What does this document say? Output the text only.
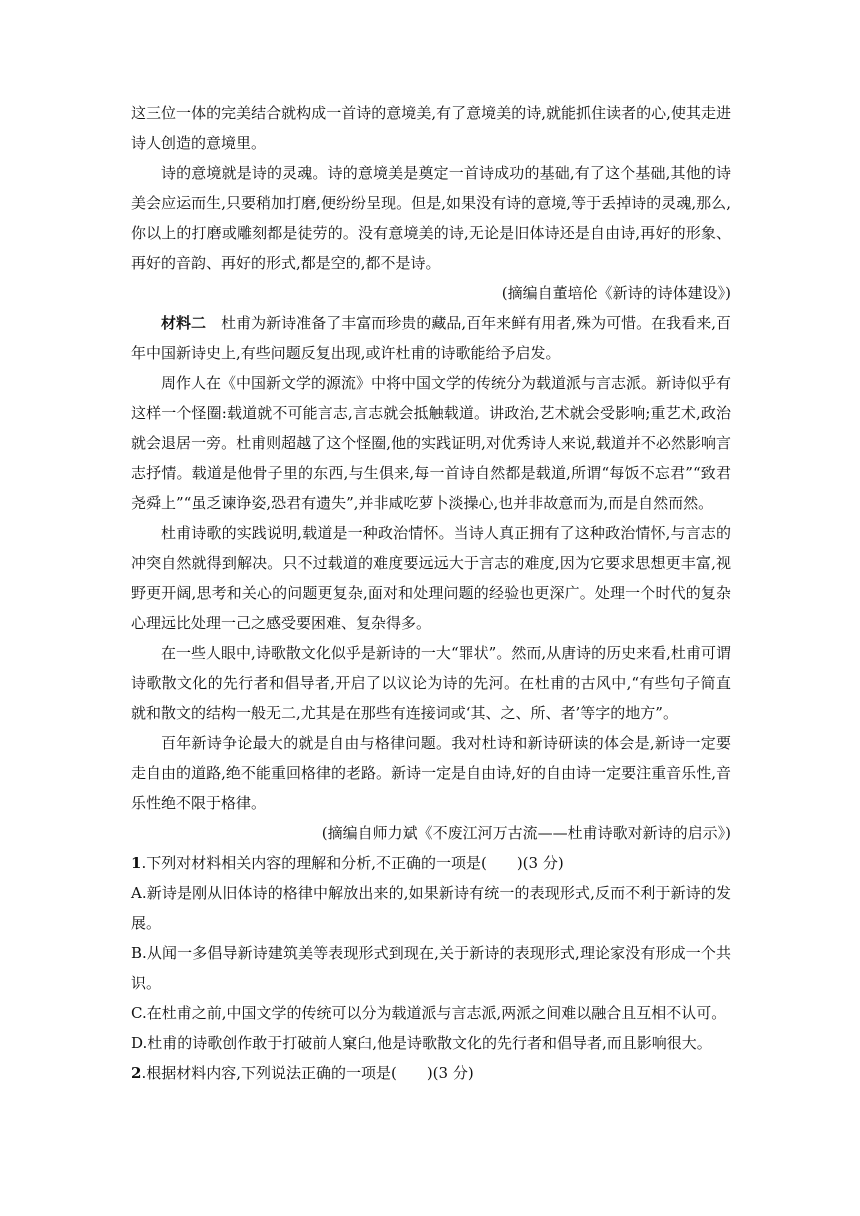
这三位一体的完美结合就构成一首诗的意境美,有了意境美的诗,就能抓住读者的心,使其走进诗人创造的意境里。

诗的意境就是诗的灵魂。诗的意境美是奠定一首诗成功的基础,有了这个基础,其他的诗美会应运而生,只要稍加打磨,便纷纷呈现。但是,如果没有诗的意境,等于丢掉诗的灵魂,那么,你以上的打磨或雕刻都是徒劳的。没有意境美的诗,无论是旧体诗还是自由诗,再好的形象、再好的音韵、再好的形式,都是空的,都不是诗。

(摘编自董培伦《新诗的诗体建设》)

材料二　 杜甫为新诗准备了丰富而珍贵的藏品,百年来鲜有用者,殊为可惜。在我看来,百年中国新诗史上,有些问题反复出现,或许杜甫的诗歌能给予启发。

周作人在《中国新文学的源流》中将中国文学的传统分为载道派与言志派。新诗似乎有这样一个怪圈:载道就不可能言志,言志就会抵触载道。讲政治,艺术就会受影响;重艺术,政治就会退居一旁。杜甫则超越了这个怪圈,他的实践证明,对优秀诗人来说,载道并不必然影响言志抒情。载道是他骨子里的东西,与生俱来,每一首诗自然都是载道,所谓“每饭不忘君”“致君尧舜上”“虽乏谏诤姿,恐君有遗失”,并非咸吃萝卜淡操心,也并非故意而为,而是自然而然。

杜甫诗歌的实践说明,载道是一种政治情怀。当诗人真正拥有了这种政治情怀,与言志的冲突自然就得到解决。只不过载道的难度要远远大于言志的难度,因为它要求思想更丰富,视野更开阔,思考和关心的问题更复杂,面对和处理问题的经验也更深广。处理一个时代的复杂心理远比处理一己之感受要困难、复杂得多。

在一些人眼中,诗歌散文化似乎是新诗的一大“罪状”。然而,从唐诗的历史来看,杜甫可谓诗歌散文化的先行者和倡导者,开启了以议论为诗的先河。在杜甫的古风中,“有些句子简直就和散文的结构一般无二,尤其是在那些有连接词或‘其、之、所、者’等字的地方”。

百年新诗争论最大的就是自由与格律问题。我对杜诗和新诗研读的体会是,新诗一定要走自由的道路,绝不能重回格律的老路。新诗一定是自由诗,好的自由诗一定要注重音乐性,音乐性绝不限于格律。

(摘编自师力斌《不废江河万古流——杜甫诗歌对新诗的启示》)

1.下列对材料相关内容的理解和分析,不正确的一项是(　　)(3 分)

A.新诗是刚从旧体诗的格律中解放出来的,如果新诗有统一的表现形式,反而不利于新诗的发展。

B.从闻一多倡导新诗建筑美等表现形式到现在,关于新诗的表现形式,理论家没有形成一个共识。

C.在杜甫之前,中国文学的传统可以分为载道派与言志派,两派之间难以融合且互相不认可。

D.杜甫的诗歌创作敢于打破前人窠臼,他是诗歌散文化的先行者和倡导者,而且影响很大。

2.根据材料内容,下列说法正确的一项是(　　)(3 分)
